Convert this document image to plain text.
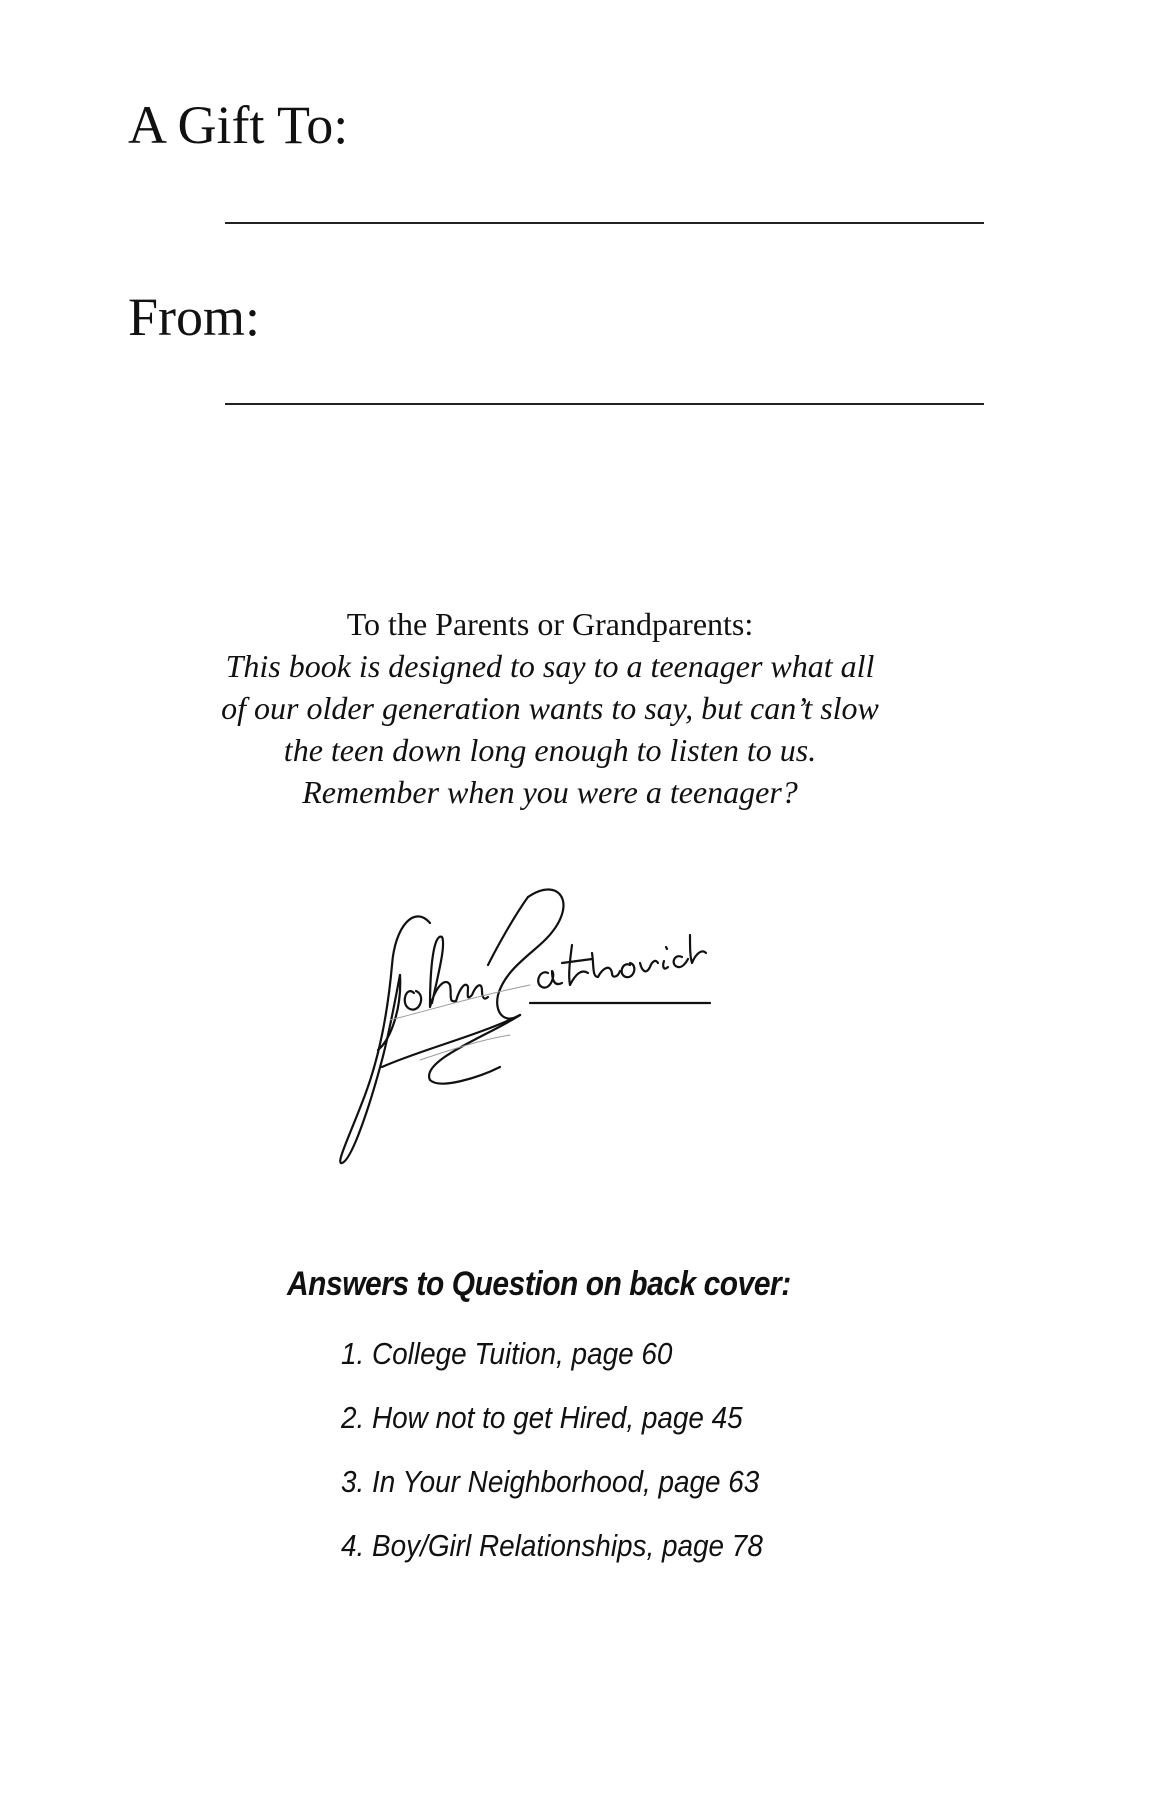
A Gift To:
From:
To the Parents or Grandparents:
This book is designed to say to a teenager what all
of our older generation wants to say, but can’t slow
the teen down long enough to listen to us.
Remember when you were a teenager?
Answers to Question on back cover:
1. College Tuition, page 60
2. How not to get Hired, page 45
3. In Your Neighborhood, page 63
4. Boy/Girl Relationships, page 78
